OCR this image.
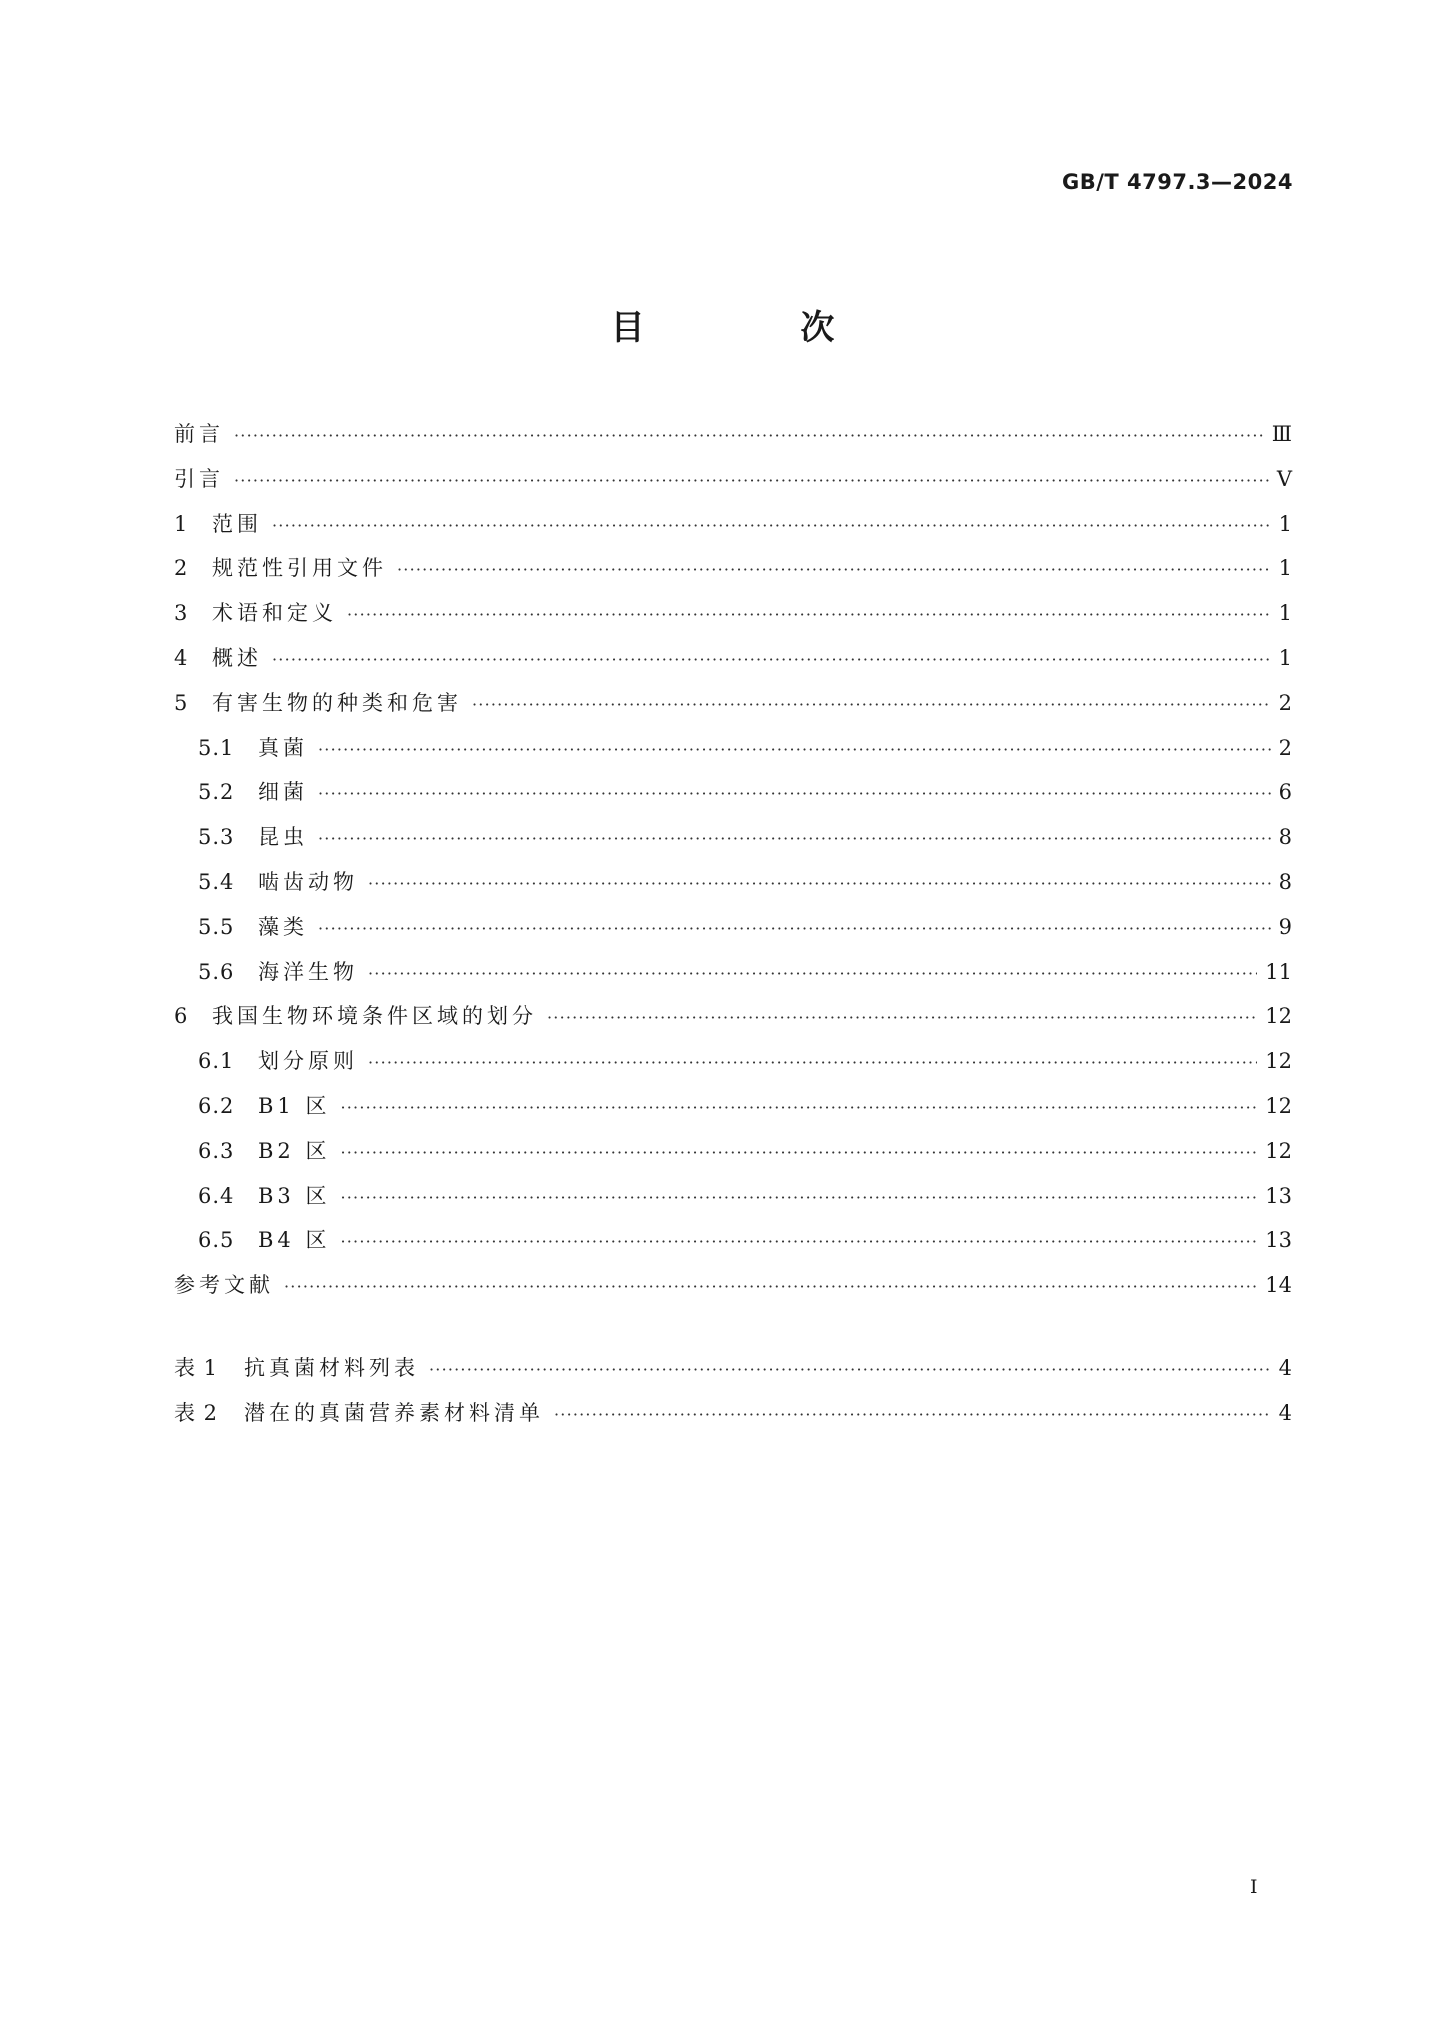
GB/T 4797.3—2024
目 次
前言 ·····	Ⅲ
引言 ·····	Ⅴ
1	范围 ·····	1
2	规范性引用文件 ·····	1
3	术语和定义 ·····	1
4	概述 ·····	1
5	有害生物的种类和危害 ·····	2
5.1	真菌 ·····	2
5.2	细菌 ·····	6
5.3	昆虫 ·····	8
5.4	啮齿动物 ·····	8
5.5	藻类 ·····	9
5.6	海洋生物 ·····	11
6	我国生物环境条件区域的划分 ·····	12
6.1	划分原则 ·····	12
6.2	B1 区 ·····	12
6.3	B2 区 ·····	12
6.4	B3 区 ·····	13
6.5	B4 区 ·····	13
参考文献 ·····	14
表 1	抗真菌材料列表 ·····	4
表 2	潜在的真菌营养素材料清单 ·····	4
I
